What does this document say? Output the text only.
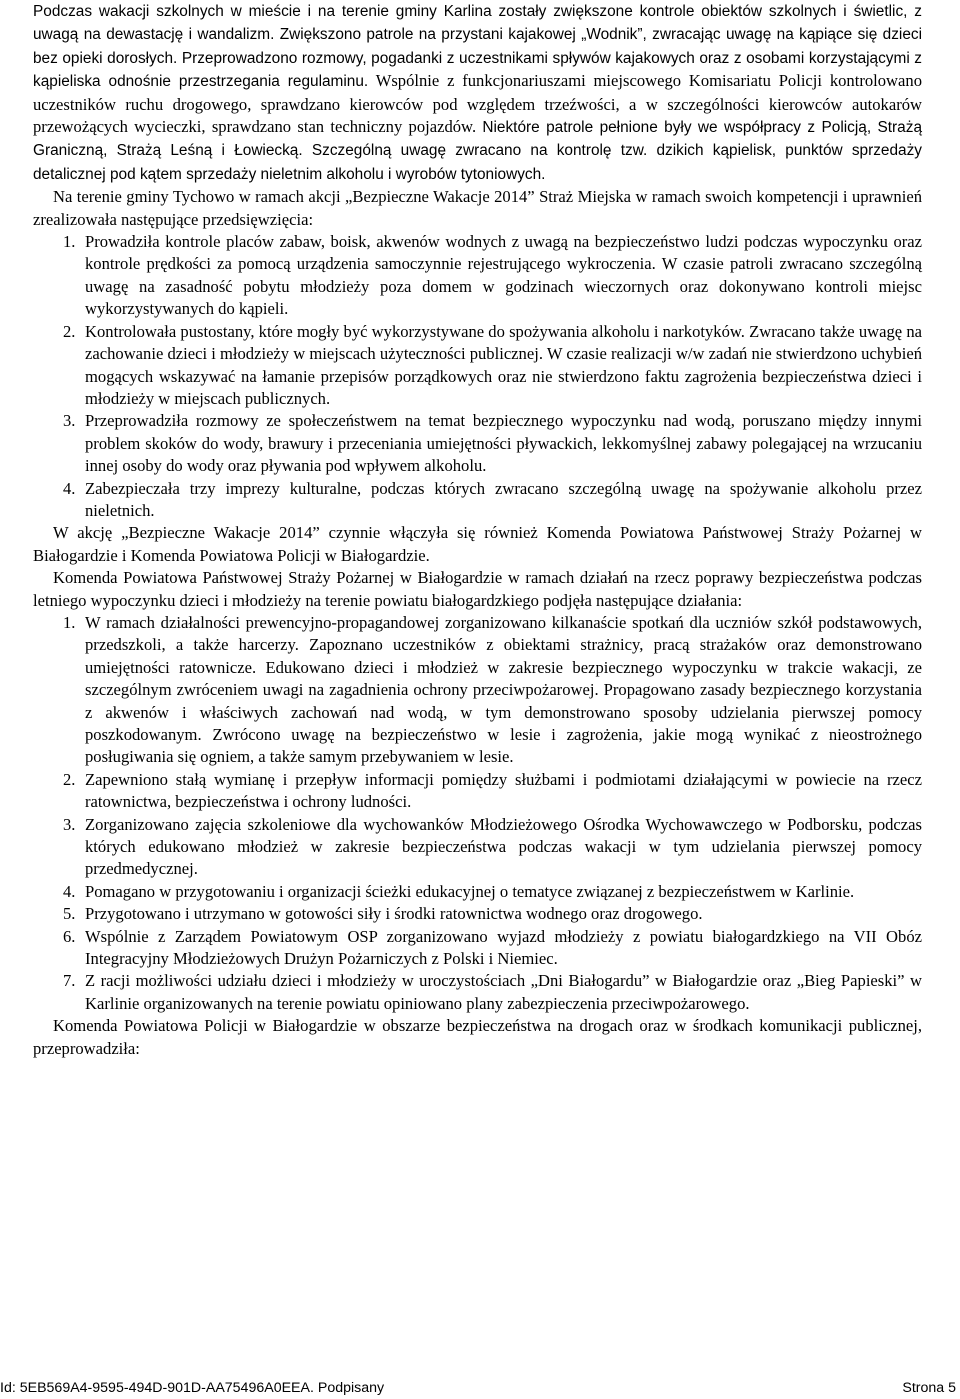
Podczas wakacji szkolnych w mieście i na terenie gminy Karlina zostały zwiększone kontrole obiektów szkolnych i świetlic, z uwagą na dewastację i wandalizm. Zwiększono patrole na przystani kajakowej „Wodnik”, zwracając uwagę na kąpiące się dzieci bez opieki dorosłych. Przeprowadzono rozmowy, pogadanki z uczestnikami spływów kajakowych oraz z osobami korzystającymi z kąpieliska odnośnie przestrzegania regulaminu. Wspólnie z funkcjonariuszami miejscowego Komisariatu Policji kontrolowano uczestników ruchu drogowego, sprawdzano kierowców pod względem trzeźwości, a w szczególności kierowców autokarów przewożących wycieczki, sprawdzano stan techniczny pojazdów. Niektóre patrole pełnione były we współpracy z Policją, Strażą Graniczną, Strażą Leśną i Łowiecką. Szczególną uwagę zwracano na kontrolę tzw. dzikich kąpielisk, punktów sprzedaży detalicznej pod kątem sprzedaży nieletnim alkoholu i wyrobów tytoniowych.

Na terenie gminy Tychowo w ramach akcji „Bezpieczne Wakacje 2014” Straż Miejska w ramach swoich kompetencji i uprawnień zrealizowała następujące przedsięwzięcia:

1. Prowadziła kontrole placów zabaw, boisk, akwenów wodnych z uwagą na bezpieczeństwo ludzi podczas wypoczynku oraz kontrole prędkości za pomocą urządzenia samoczynnie rejestrującego wykroczenia. W czasie patroli zwracano szczególną uwagę na zasadność pobytu młodzieży poza domem w godzinach wieczornych oraz dokonywano kontroli miejsc wykorzystywanych do kąpieli.
2. Kontrolowała pustostany, które mogły być wykorzystywane do spożywania alkoholu i narkotyków. Zwracano także uwagę na zachowanie dzieci i młodzieży w miejscach użyteczności publicznej. W czasie realizacji w/w zadań nie stwierdzono uchybień mogących wskazywać na łamanie przepisów porządkowych oraz nie stwierdzono faktu zagrożenia bezpieczeństwa dzieci i młodzieży w miejscach publicznych.
3. Przeprowadziła rozmowy ze społeczeństwem na temat bezpiecznego wypoczynku nad wodą, poruszano między innymi problem skoków do wody, brawury i przeceniania umiejętności pływackich, lekkomyślnej zabawy polegającej na wrzucaniu innej osoby do wody oraz pływania pod wpływem alkoholu.
4. Zabezpieczała trzy imprezy kulturalne, podczas których zwracano szczególną uwagę na spożywanie alkoholu przez nieletnich.

W akcję „Bezpieczne Wakacje 2014” czynnie włączyła się również Komenda Powiatowa Państwowej Straży Pożarnej w Białogardzie i Komenda Powiatowa Policji w Białogardzie.

Komenda Powiatowa Państwowej Straży Pożarnej w Białogardzie w ramach działań na rzecz poprawy bezpieczeństwa podczas letniego wypoczynku dzieci i młodzieży na terenie powiatu białogardzkiego podjęła następujące działania:

1. W ramach działalności prewencyjno-propagandowej zorganizowano kilkanaście spotkań dla uczniów szkół podstawowych, przedszkoli, a także harcerzy. Zapoznano uczestników z obiektami strażnicy, pracą strażaków oraz demonstrowano umiejętności ratownicze. Edukowano dzieci i młodzież w zakresie bezpiecznego wypoczynku w trakcie wakacji, ze szczególnym zwróceniem uwagi na zagadnienia ochrony przeciwpożarowej. Propagowano zasady bezpiecznego korzystania z akwenów i właściwych zachowań nad wodą, w tym demonstrowano sposoby udzielania pierwszej pomocy poszkodowanym. Zwrócono uwagę na bezpieczeństwo w lesie i zagrożenia, jakie mogą wynikać z nieostrożnego posługiwania się ogniem, a także samym przebywaniem w lesie.
2. Zapewniono stałą wymianę i przepływ informacji pomiędzy służbami i podmiotami działającymi w powiecie na rzecz ratownictwa, bezpieczeństwa i ochrony ludności.
3. Zorganizowano zajęcia szkoleniowe dla wychowanków Młodzieżowego Ośrodka Wychowawczego w Podborsku, podczas których edukowano młodzież w zakresie bezpieczeństwa podczas wakacji w tym udzielania pierwszej pomocy przedmedycznej.
4. Pomagano w przygotowaniu i organizacji ścieżki edukacyjnej o tematyce związanej z bezpieczeństwem w Karlinie.
5. Przygotowano i utrzymano w gotowości siły i środki ratownictwa wodnego oraz drogowego.
6. Wspólnie z Zarządem Powiatowym OSP zorganizowano wyjazd młodzieży z powiatu białogardzkiego na VII Obóz Integracyjny Młodzieżowych Drużyn Pożarniczych z Polski i Niemiec.
7. Z racji możliwości udziału dzieci i młodzieży w uroczystościach „Dni Białogardu” w Białogardzie oraz „Bieg Papieski” w Karlinie organizowanych na terenie powiatu opiniowano plany zabezpieczenia przeciwpożarowego.

Komenda Powiatowa Policji w Białogardzie w obszarze bezpieczeństwa na drogach oraz w środkach komunikacji publicznej, przeprowadziła:

Id: 5EB569A4-9595-494D-901D-AA75496A0EEA. Podpisany	Strona 5
